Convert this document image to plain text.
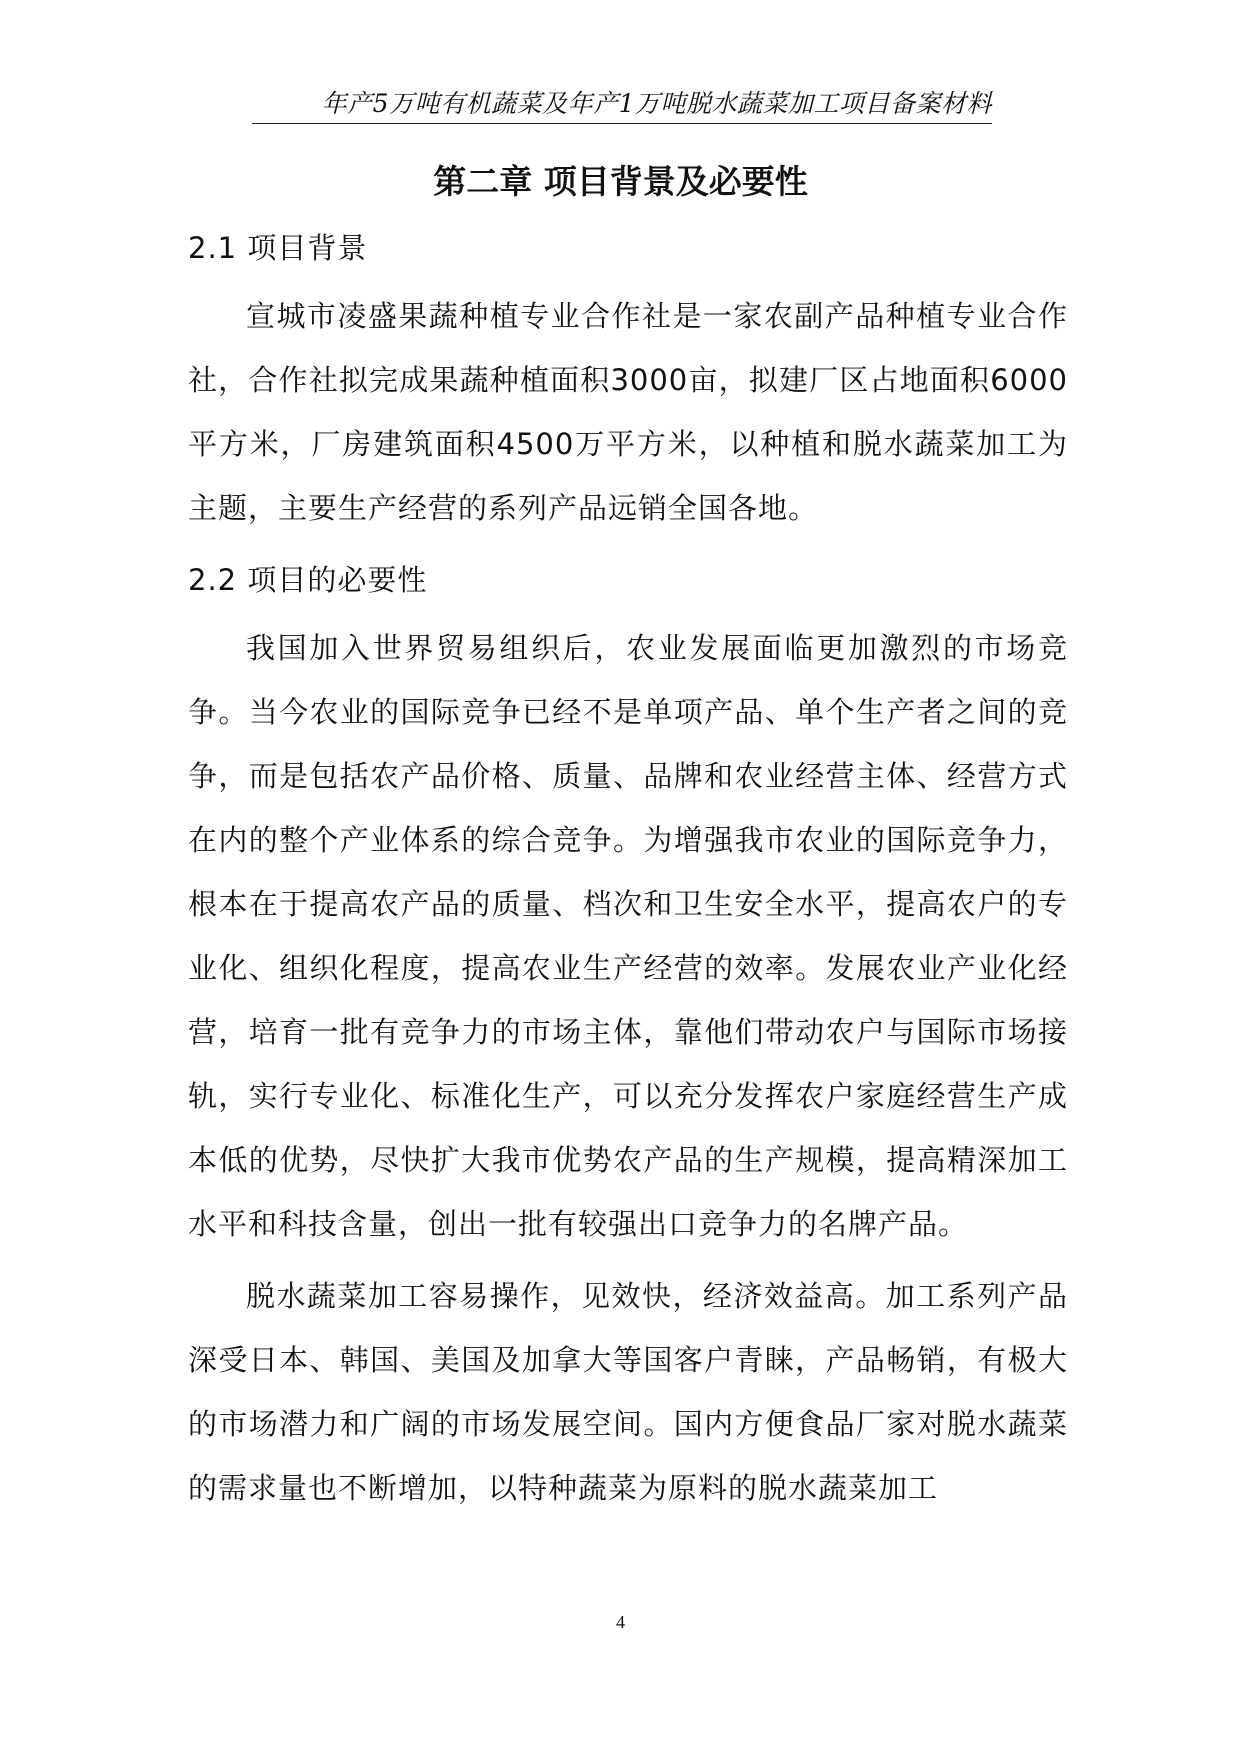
年产5万吨有机蔬菜及年产1万吨脱水蔬菜加工项目备案材料
第二章 项目背景及必要性
2.1 项目背景

宣城市凌盛果蔬种植专业合作社是一家农副产品种植专业合作社，合作社拟完成果蔬种植面积3000亩，拟建厂区占地面积6000平方米，厂房建筑面积4500万平方米，以种植和脱水蔬菜加工为主题，主要生产经营的系列产品远销全国各地。

2.2 项目的必要性

我国加入世界贸易组织后，农业发展面临更加激烈的市场竞争。当今农业的国际竞争已经不是单项产品、单个生产者之间的竞争，而是包括农产品价格、质量、品牌和农业经营主体、经营方式在内的整个产业体系的综合竞争。为增强我市农业的国际竞争力，根本在于提高农产品的质量、档次和卫生安全水平，提高农户的专业化、组织化程度，提高农业生产经营的效率。发展农业产业化经营，培育一批有竞争力的市场主体，靠他们带动农户与国际市场接轨，实行专业化、标准化生产，可以充分发挥农户家庭经营生产成本低的优势，尽快扩大我市优势农产品的生产规模，提高精深加工水平和科技含量，创出一批有较强出口竞争力的名牌产品。

脱水蔬菜加工容易操作，见效快，经济效益高。加工系列产品深受日本、韩国、美国及加拿大等国客户青睐，产品畅销，有极大的市场潜力和广阔的市场发展空间。国内方便食品厂家对脱水蔬菜的需求量也不断增加，以特种蔬菜为原料的脱水蔬菜加工

4
